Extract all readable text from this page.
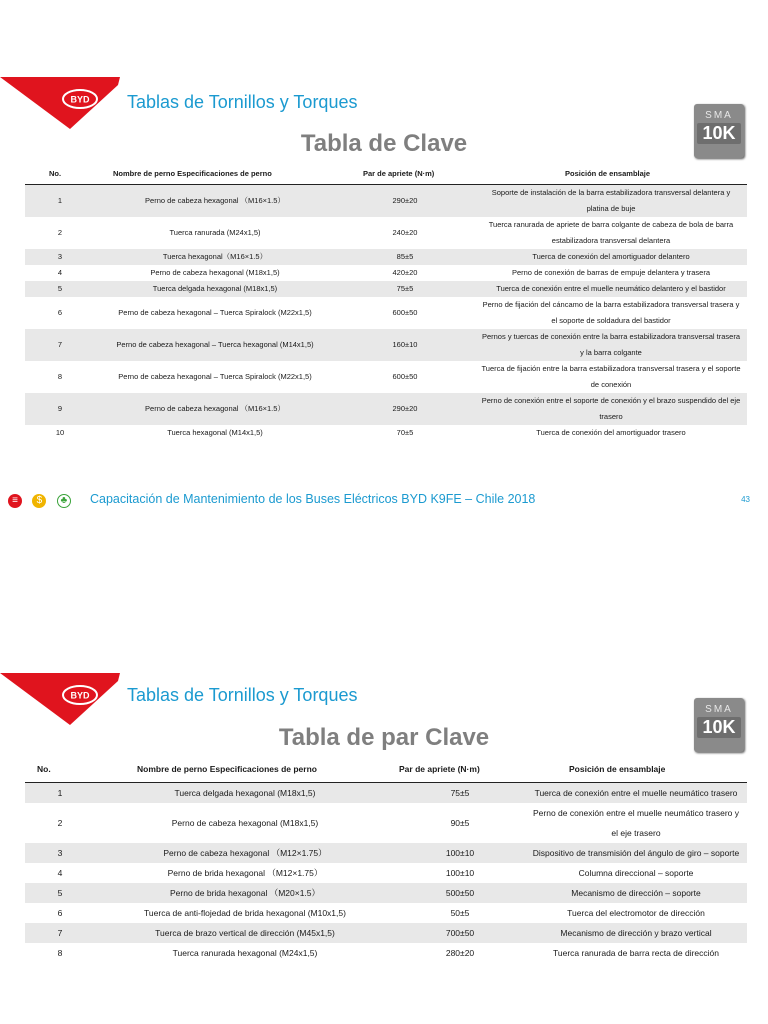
BYD Tablas de Tornillos y Torques
SMA
10K
Tabla de Clave
No.	Nombre de perno Especificaciones de perno	Par de apriete (N·m)	Posición de ensamblaje
1	Perno de cabeza hexagonal （M16×1.5）	290±20	Soporte de instalación de la barra estabilizadora transversal delantera y platina de buje
2	Tuerca ranurada (M24x1,5)	240±20	Tuerca ranurada de apriete de barra colgante de cabeza de bola de barra estabilizadora transversal delantera
3	Tuerca hexagonal（M16×1.5）	85±5	Tuerca de conexión del amortiguador delantero
4	Perno de cabeza hexagonal (M18x1,5)	420±20	Perno de conexión de barras de empuje delantera y trasera
5	Tuerca delgada hexagonal (M18x1,5)	75±5	Tuerca de conexión entre el muelle neumático delantero y el bastidor
6	Perno de cabeza hexagonal – Tuerca Spiralock (M22x1,5)	600±50	Perno de fijación del cáncamo de la barra estabilizadora transversal trasera y el soporte de soldadura del bastidor
7	Perno de cabeza hexagonal – Tuerca hexagonal (M14x1,5)	160±10	Pernos y tuercas de conexión entre la barra estabilizadora transversal trasera y la barra colgante
8	Perno de cabeza hexagonal – Tuerca Spiralock (M22x1,5)	600±50	Tuerca de fijación entre la barra estabilizadora transversal trasera y el soporte de conexión
9	Perno de cabeza hexagonal （M16×1.5）	290±20	Perno de conexión entre el soporte de conexión y el brazo suspendido del eje trasero
10	Tuerca hexagonal (M14x1,5)	70±5	Tuerca de conexión del amortiguador trasero
≡ $ ♣ Capacitación de Mantenimiento de los Buses Eléctricos BYD K9FE – Chile 2018	43
BYD Tablas de Tornillos y Torques
SMA
10K
Tabla de par Clave
No.	Nombre de perno Especificaciones de perno	Par de apriete (N·m)	Posición de ensamblaje
1	Tuerca delgada hexagonal (M18x1,5)	75±5	Tuerca de conexión entre el muelle neumático trasero
2	Perno de cabeza hexagonal (M18x1,5)	90±5	Perno de conexión entre el muelle neumático trasero y el eje trasero
3	Perno de cabeza hexagonal （M12×1.75）	100±10	Dispositivo de transmisión del ángulo de giro – soporte
4	Perno de brida hexagonal （M12×1.75）	100±10	Columna direccional – soporte
5	Perno de brida hexagonal （M20×1.5）	500±50	Mecanismo de dirección – soporte
6	Tuerca de anti-flojedad de brida hexagonal (M10x1,5)	50±5	Tuerca del electromotor de dirección
7	Tuerca de brazo vertical de dirección (M45x1,5)	700±50	Mecanismo de dirección y brazo vertical
8	Tuerca ranurada hexagonal (M24x1,5)	280±20	Tuerca ranurada de barra recta de dirección
